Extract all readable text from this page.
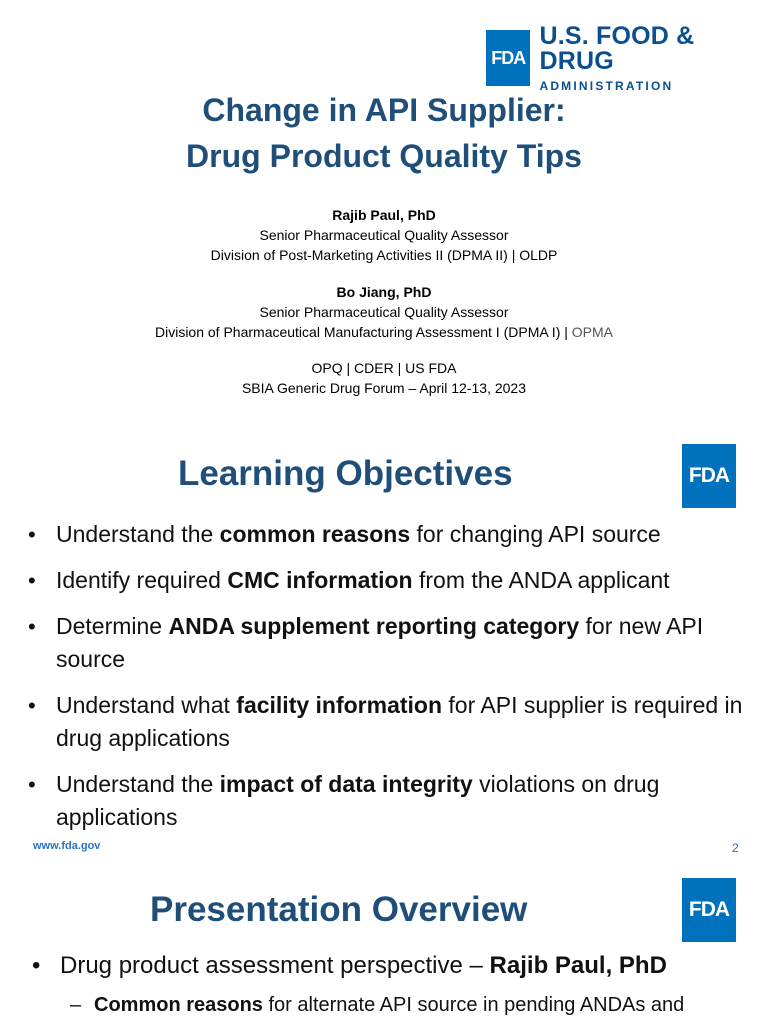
FDA
U.S. FOOD & DRUG
ADMINISTRATION
Change in API Supplier:
Drug Product Quality Tips
Rajib Paul, PhD
Senior Pharmaceutical Quality Assessor
Division of Post-Marketing Activities II (DPMA II) | OLDP
Bo Jiang, PhD
Senior Pharmaceutical Quality Assessor
Division of Pharmaceutical Manufacturing Assessment I (DPMA I) | OPMA
OPQ | CDER | US FDA
SBIA Generic Drug Forum – April 12-13, 2023
FDA
Learning Objectives
• Understand the common reasons for changing API source
• Identify required CMC information from the ANDA applicant
• Determine ANDA supplement reporting category for new API source
• Understand what facility information for API supplier is required in drug applications
• Understand the impact of data integrity violations on drug applications
www.fda.gov	2
FDA
Presentation Overview
• Drug product assessment perspective – Rajib Paul, PhD
– Common reasons for alternate API source in pending ANDAs and
